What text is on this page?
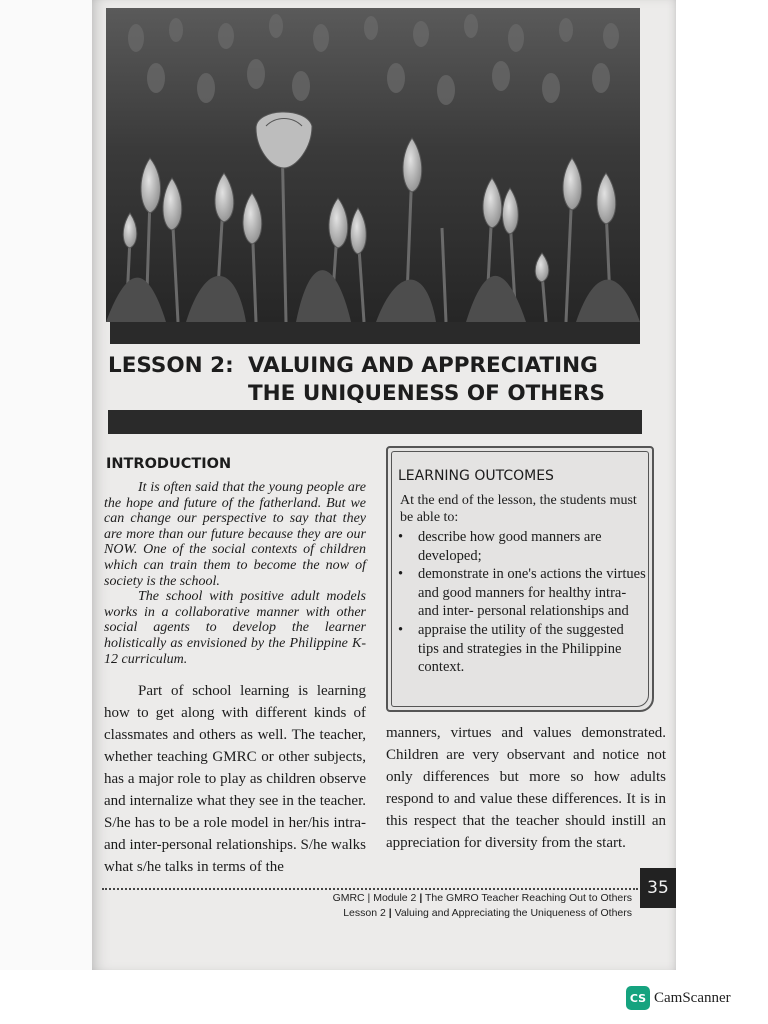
LESSON 2: VALUING AND APPRECIATING
THE UNIQUENESS OF OTHERS
INTRODUCTION

It is often said that the young people are the hope and future of the fatherland. But we can change our perspective to say that they are more than our future because they are our NOW. One of the social contexts of children which can train them to become the now of society is the school.

The school with positive adult models works in a collaborative manner with other social agents to develop the learner holistically as envisioned by the Philippine K-12 curriculum.

Part of school learning is learning how to get along with different kinds of classmates and others as well. The teacher, whether teaching GMRC or other subjects, has a major role to play as children observe and internalize what they see in the teacher. S/he has to be a role model in her/his intra- and inter-personal relationships. S/he walks what s/he talks in terms of the

LEARNING OUTCOMES
At the end of the lesson, the students must be able to:
• describe how good manners are developed;
• demonstrate in one's actions the virtues and good manners for healthy intra- and inter- personal relationships and
• appraise the utility of the suggested tips and strategies in the Philippine context.
manners, virtues and values demonstrated. Children are very observant and notice not only differences but more so how adults respond to and value these differences. It is in this respect that the teacher should instill an appreciation for diversity from the start.
35
GMRC | Module 2 | The GMRO Teacher Reaching Out to Others
Lesson 2 | Valuing and Appreciating the Uniqueness of Others
CS CamScanner
